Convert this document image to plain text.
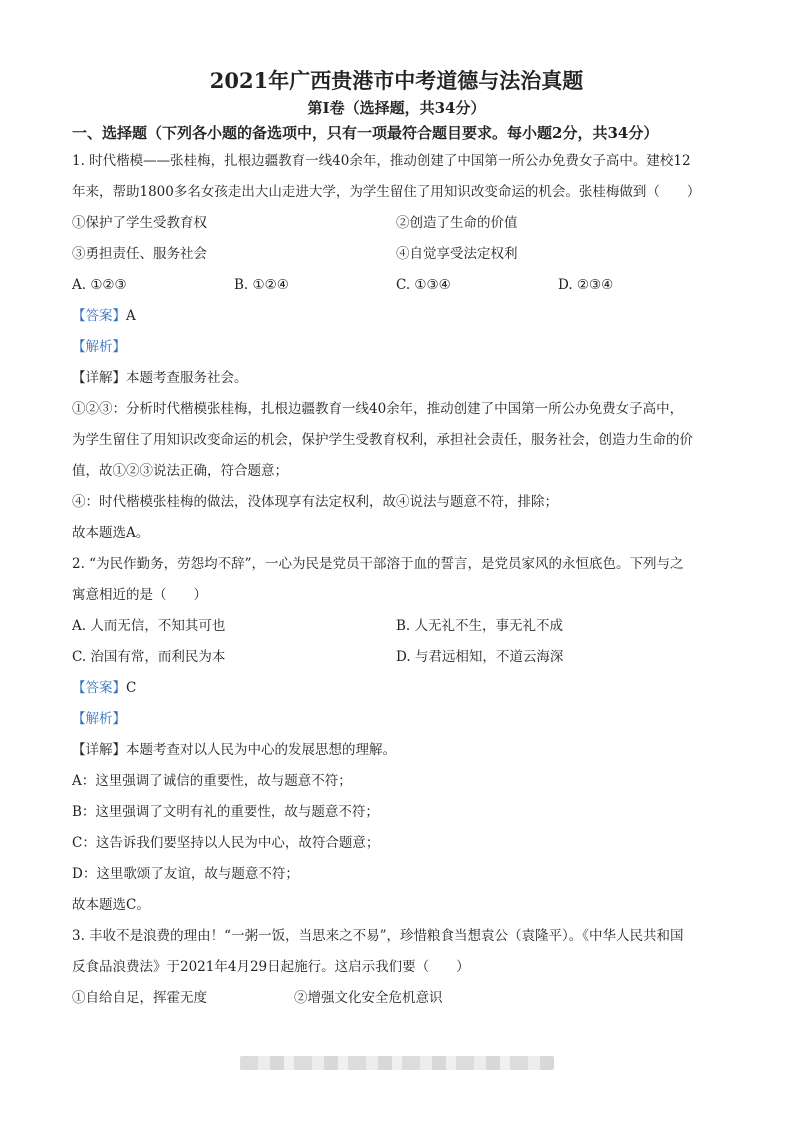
2021年广西贵港市中考道德与法治真题
第Ⅰ卷（选择题，共34分）
一、选择题（下列各小题的备选项中，只有一项最符合题目要求。每小题2分，共34分）

1. 时代楷模——张桂梅，扎根边疆教育一线40余年，推动创建了中国第一所公办免费女子高中。建校12

年来，帮助1800多名女孩走出大山走进大学，为学生留住了用知识改变命运的机会。张桂梅做到（　　）

①保护了学生受教育权	②创造了生命的价值
③勇担责任、服务社会	④自觉享受法定权利
A. ①②③	B. ①②④	C. ①③④	D. ②③④

【答案】A

【解析】

【详解】本题考查服务社会。

①②③：分析时代楷模张桂梅，扎根边疆教育一线40余年，推动创建了中国第一所公办免费女子高中，

为学生留住了用知识改变命运的机会，保护学生受教育权利，承担社会责任，服务社会，创造力生命的价

值，故①②③说法正确，符合题意；

④：时代楷模张桂梅的做法，没体现享有法定权利，故④说法与题意不符，排除；

故本题选A。

2. “为民作勤务，劳怨均不辞”，一心为民是党员干部溶于血的誓言，是党员家风的永恒底色。下列与之

寓意相近的是（　　）

A. 人而无信，不知其可也	B. 人无礼不生，事无礼不成
C. 治国有常，而利民为本	D. 与君远相知，不道云海深

【答案】C

【解析】

【详解】本题考查对以人民为中心的发展思想的理解。

A：这里强调了诚信的重要性，故与题意不符；

B：这里强调了文明有礼的重要性，故与题意不符；

C：这告诉我们要坚持以人民为中心，故符合题意；

D：这里歌颂了友谊，故与题意不符；

故本题选C。

3. 丰收不是浪费的理由！“一粥一饭，当思来之不易”，珍惜粮食当想袁公（袁隆平）。《中华人民共和国

反食品浪费法》于2021年4月29日起施行。这启示我们要（　　）

①自给自足，挥霍无度	②增强文化安全危机意识
